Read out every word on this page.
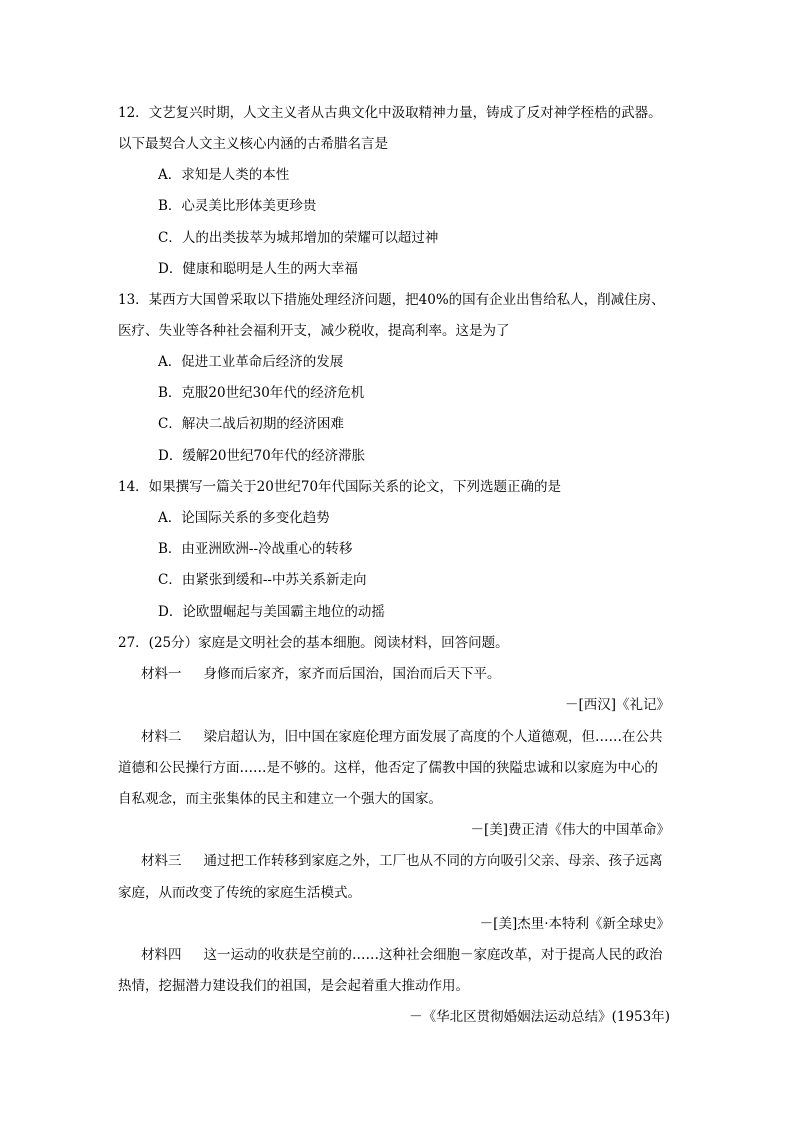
12．文艺复兴时期，人文主义者从古典文化中汲取精神力量，铸成了反对神学桎梏的武器。
以下最契合人文主义核心内涵的古希腊名言是
A．求知是人类的本性
B．心灵美比形体美更珍贵
C．人的出类拔萃为城邦增加的荣耀可以超过神
D．健康和聪明是人生的两大幸福
13．某西方大国曾采取以下措施处理经济问题，把40%的国有企业出售给私人，削减住房、
医疗、失业等各种社会福利开支，减少税收，提高利率。这是为了
A．促进工业革命后经济的发展
B．克服20世纪30年代的经济危机
C．解决二战后初期的经济困难
D．缓解20世纪70年代的经济滞胀
14．如果撰写一篇关于20世纪70年代国际关系的论文，下列选题正确的是
A．论国际关系的多变化趋势
B．由亚洲欧洲--冷战重心的转移
C．由紧张到缓和--中苏关系新走向
D．论欧盟崛起与美国霸主地位的动摇
27．(25分）家庭是文明社会的基本细胞。阅读材料，回答问题。
材料一 身修而后家齐，家齐而后国治，国治而后天下平。
－[西汉]《礼记》
材料二 梁启超认为，旧中国在家庭伦理方面发展了高度的个人道德观，但……在公共
道德和公民操行方面……是不够的。这样，他否定了儒教中国的狭隘忠诚和以家庭为中心的
自私观念，而主张集体的民主和建立一个强大的国家。
－[美]费正清《伟大的中国革命》
材料三 通过把工作转移到家庭之外，工厂也从不同的方向吸引父亲、母亲、孩子远离
家庭，从而改变了传统的家庭生活模式。
－[美]杰里·本特利《新全球史》
材料四 这一运动的收获是空前的……这种社会细胞－家庭改革，对于提高人民的政治
热情，挖掘潜力建设我们的祖国，是会起着重大推动作用。
－《华北区贯彻婚姻法运动总结》(1953年)
